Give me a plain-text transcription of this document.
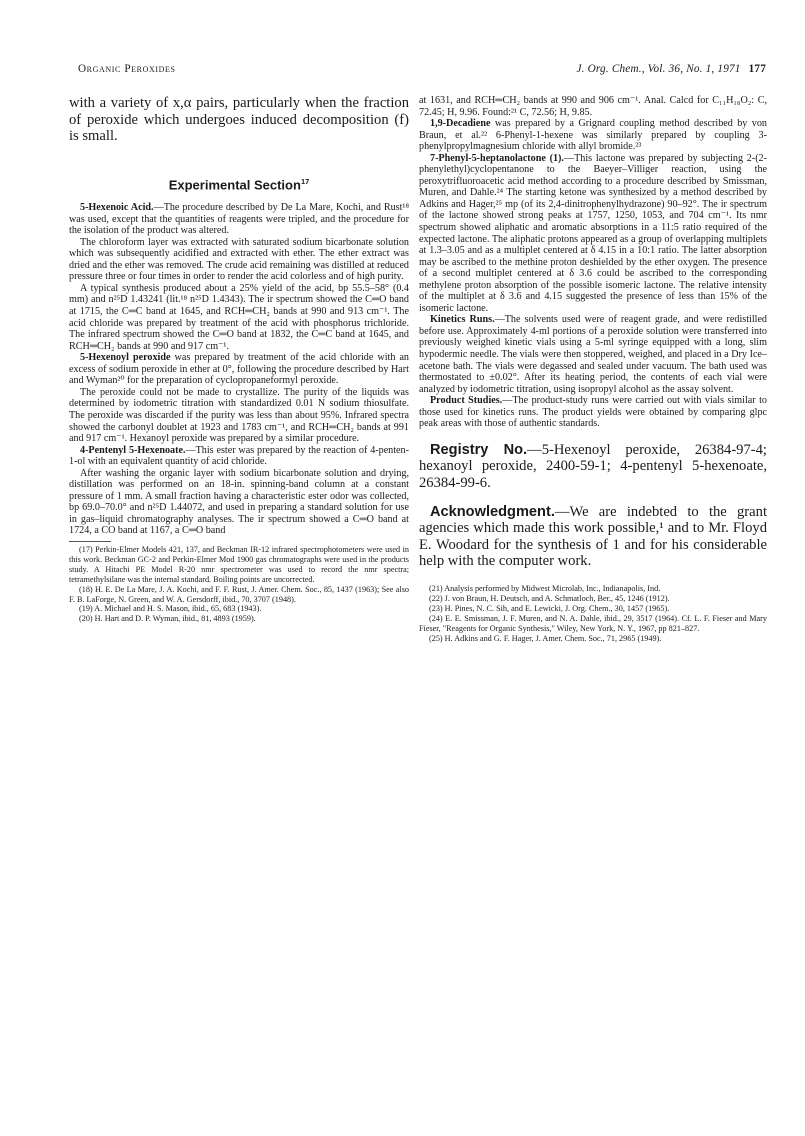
Organic Peroxides	J. Org. Chem., Vol. 36, No. 1, 1971 177

with a variety of x,α pairs, particularly when the fraction of peroxide which undergoes induced decomposition (f) is small.

Experimental Section$^{17}$

5-Hexenoic Acid.—The procedure described by De La Mare, Kochi, and Rust¹⁸ was used, except that the quantities of reagents were tripled, and the procedure for the isolation of the product was altered.

The chloroform layer was extracted with saturated sodium bicarbonate solution which was subsequently acidified and extracted with ether. The ether extract was dried and the ether was removed. The crude acid remaining was distilled at reduced pressure three or four times in order to render the acid colorless and of high purity.

A typical synthesis produced about a 25% yield of the acid, bp 55.5–58° (0.4 mm) and n²⁵D 1.43241 (lit.¹⁸ n²⁵D 1.4343). The ir spectrum showed the C═O band at 1715, the C═C band at 1645, and RCH═CH₂ bands at 990 and 913 cm⁻¹. The acid chloride was prepared by treatment of the acid with phosphorus trichloride. The infrared spectrum showed the C═O band at 1832, the C═C band at 1645, and RCH═CH₂ bands at 990 and 917 cm⁻¹.

5-Hexenoyl peroxide was prepared by treatment of the acid chloride with an excess of sodium peroxide in ether at 0°, following the procedure described by Hart and Wyman²⁰ for the preparation of cyclopropaneformyl peroxide.

The peroxide could not be made to crystallize. The purity of the liquids was determined by iodometric titration with standardized 0.01 N sodium thiosulfate. The peroxide was discarded if the purity was less than about 95%. Infrared spectra showed the carbonyl doublet at 1923 and 1783 cm⁻¹, and RCH═CH₂ bands at 991 and 917 cm⁻¹. Hexanoyl peroxide was prepared by a similar procedure.

4-Pentenyl 5-Hexenoate.—This ester was prepared by the reaction of 4-penten-1-ol with an equivalent quantity of acid chloride.

After washing the organic layer with sodium bicarbonate solution and drying, distillation was performed on an 18-in. spinning-band column at a constant pressure of 1 mm. A small fraction having a characteristic ester odor was collected, bp 69.0–70.0° and n²⁵D 1.44072, and used in preparing a standard solution for use in gas–liquid chromatography analyses. The ir spectrum showed a C═O band at 1724, a CO band at 1167, a C═O band

(17) Perkin-Elmer Models 421, 137, and Beckman IR-12 infrared spectrophotometers were used in this work. Beckman GC-2 and Perkin-Elmer Mod 1900 gas chromatographs were used in the products study. A Hitachi PE Model R-20 nmr spectrometer was used to record the nmr spectra; tetramethylsilane was the internal standard. Boiling points are uncorrected.

(18) H. E. De La Mare, J. A. Kochi, and F. F. Rust, J. Amer. Chem. Soc., 85, 1437 (1963); See also F. B. LaForge, N. Green, and W. A. Gersdorff, ibid., 70, 3707 (1948).

(19) A. Michael and H. S. Mason, ibid., 65, 683 (1943).

(20) H. Hart and D. P. Wyman, ibid., 81, 4893 (1959).

at 1631, and RCH═CH₂ bands at 990 and 906 cm⁻¹. Anal. Calcd for C₁₁H₁₈O₂: C, 72.45; H, 9.96. Found:²¹ C, 72.56; H, 9.85.

1,9-Decadiene was prepared by a Grignard coupling method described by von Braun, et al.²² 6-Phenyl-1-hexene was similarly prepared by coupling 3-phenylpropylmagnesium chloride with allyl bromide.²³

7-Phenyl-5-heptanolactone (1).—This lactone was prepared by subjecting 2-(2-phenylethyl)cyclopentanone to the Baeyer–Villiger reaction, using the peroxytrifluoroacetic acid method according to a procedure described by Smissman, Muren, and Dahle.²⁴ The starting ketone was synthesized by a method described by Adkins and Hager,²⁵ mp (of its 2,4-dinitrophenylhydrazone) 90–92°. The ir spectrum of the lactone showed strong peaks at 1757, 1250, 1053, and 704 cm⁻¹. Its nmr spectrum showed aliphatic and aromatic absorptions in a 11:5 ratio required of the expected lactone. The aliphatic protons appeared as a group of overlapping multiplets at 1.3–3.05 and as a multiplet centered at δ 4.15 in a 10:1 ratio. The latter absorption may be ascribed to the methine proton deshielded by the ether oxygen. The presence of a second multiplet centered at δ 3.6 could be ascribed to the corresponding methylene proton absorption of the possible isomeric lactone. The relative intensity of the multiplet at δ 3.6 and 4.15 suggested the presence of less than 15% of the isomeric lactone.

Kinetics Runs.—The solvents used were of reagent grade, and were redistilled before use. Approximately 4-ml portions of a peroxide solution were transferred into previously weighed kinetic vials using a 5-ml syringe equipped with a long, slim hypodermic needle. The vials were then stoppered, weighed, and placed in a Dry Ice–acetone bath. The vials were degassed and sealed under vacuum. The bath used was thermostated to ±0.02°. After its heating period, the contents of each vial were analyzed by iodometric titration, using isopropyl alcohol as the assay solvent.

Product Studies.—The product-study runs were carried out with vials similar to those used for kinetics runs. The product yields were obtained by comparing glpc peak areas with those of authentic standards.

Registry No.—5-Hexenoyl peroxide, 26384-97-4; hexanoyl peroxide, 2400-59-1; 4-pentenyl 5-hexenoate, 26384-99-6.

Acknowledgment.—We are indebted to the grant agencies which made this work possible,¹ and to Mr. Floyd E. Woodard for the synthesis of 1 and for his considerable help with the computer work.

(21) Analysis performed by Midwest Microlab, Inc., Indianapolis, Ind.

(22) J. von Braun, H. Deutsch, and A. Schmatloch, Ber., 45, 1246 (1912).

(23) H. Pines, N. C. Sih, and E. Lewicki, J. Org. Chem., 30, 1457 (1965).

(24) E. E. Smissman, J. F. Muren, and N. A. Dahle, ibid., 29, 3517 (1964). Cf. L. F. Fieser and Mary Fieser, "Reagents for Organic Synthesis," Wiley, New York, N. Y., 1967, pp 821–827.

(25) H. Adkins and G. F. Hager, J. Amer. Chem. Soc., 71, 2965 (1949).
